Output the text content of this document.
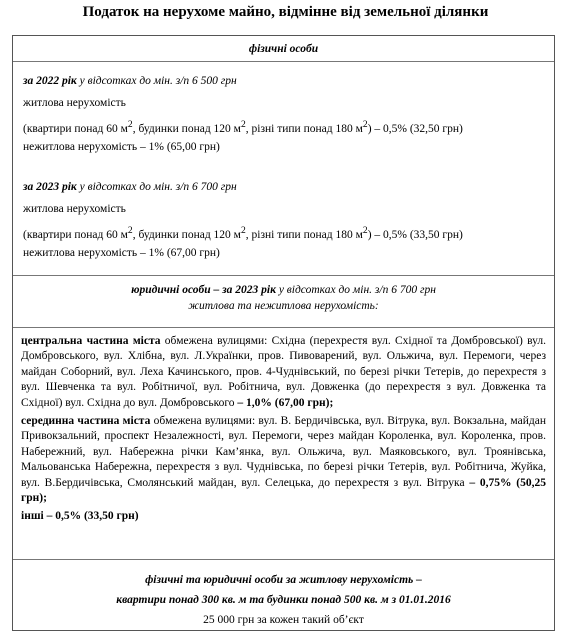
Податок на нерухоме майно, відмінне від земельної ділянки
фізичні особи
за 2022 рік у відсотках до мін. з/п 6 500 грн
житлова нерухомість
(квартири понад 60 $м^2$, будинки понад 120 $м^2$, різні типи понад 180 $м^2) - 0,5\%$ (32,50 грн)
нежитлова нерухомість – 1% (65,00 грн)
за 2023 рік у відсотках до мін. з/п 6 700 грн
житлова нерухомість
(квартири понад 60 $м^2$, будинки понад 120 $м^2$, різні типи понад 180 $м^2) - 0,5\%$ (33,50 грн)
нежитлова нерухомість – 1% (67,00 грн)
юридичні особи – за 2023 рік у відсотках до мін. з/п 6 700 грн
житлова та нежитлова нерухомість:

центральна частина міста обмежена вулицями: Східна (перехрестя вул. Східної та Домбровської) вул. Домбровського, вул. Хлібна, вул. Л.Українки, пров. Пивоварений, вул. Ольжича, вул. Перемоги, через майдан Соборний, вул. Леха Качинського, пров. 4-Чуднівський, по березі річки Тетерів, до перехрестя з вул. Шевченка та вул. Робітничої, вул. Робітнича, вул. Довженка (до перехрестя з вул. Довженка та Східної) вул. Східна до вул. Домбровського – 1,0% (67,00 грн);

серединна частина міста обмежена вулицями: вул. В. Бердичівська, вул. Вітрука, вул. Вокзальна, майдан Привокзальний, проспект Незалежності, вул. Перемоги, через майдан Короленка, вул. Короленка, пров. Набережний, вул. Набережна річки Кам’янка, вул. Ольжича, вул. Маяковського, вул. Троянівська, Мальованська Набережна, перехрестя з вул. Чуднівська, по березі річки Тетерів, вул. Робітнича, Жуйка, вул. В.Бердичівська, Смолянський майдан, вул. Селецька, до перехрестя з вул. Вітрука – 0,75% (50,25 грн);

інші – 0,5% (33,50 грн)

фізичні та юридичні особи за житлову нерухомість –
квартири понад 300 кв. м та будинки понад 500 кв. м з 01.01.2016
25 000 грн за кожен такий об’єкт
